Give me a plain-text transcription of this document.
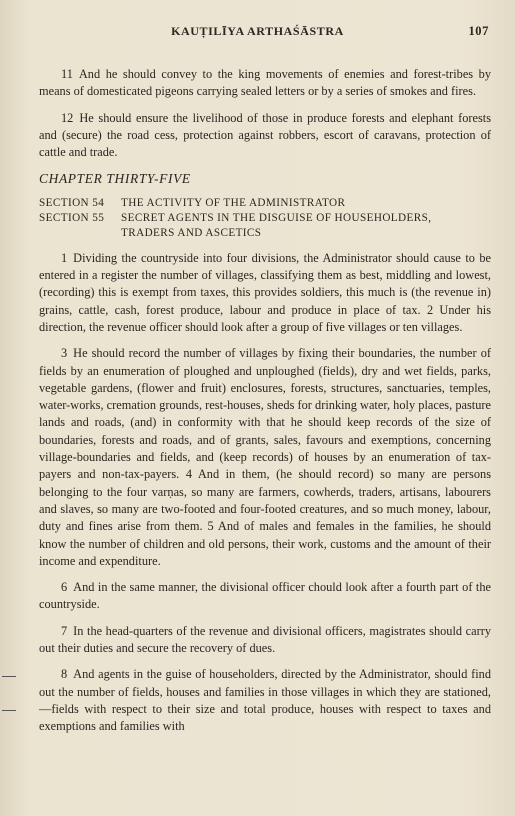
KAUṬILĪYA ARTHAŚĀSTRA	107

11 And he should convey to the king movements of enemies and forest-tribes by means of domesticated pigeons carrying sealed letters or by a series of smokes and fires.

12 He should ensure the livelihood of those in produce forests and elephant forests and (secure) the road cess, protection against robbers, escort of caravans, protection of cattle and trade.

CHAPTER THIRTY-FIVE
SECTION 54	THE ACTIVITY OF THE ADMINISTRATOR
SECTION 55	SECRET AGENTS IN THE DISGUISE OF HOUSEHOLDERS,
TRADERS AND ASCETICS

1 Dividing the countryside into four divisions, the Administrator should cause to be entered in a register the number of villages, classifying them as best, middling and lowest, (recording) this is exempt from taxes, this provides soldiers, this much is (the revenue in) grains, cattle, cash, forest produce, labour and produce in place of tax. 2 Under his direction, the revenue officer should look after a group of five villages or ten villages.

3 He should record the number of villages by fixing their boundaries, the number of fields by an enumeration of ploughed and unploughed (fields), dry and wet fields, parks, vegetable gardens, (flower and fruit) enclosures, forests, structures, sanctuaries, temples, water-works, cremation grounds, rest-houses, sheds for drinking water, holy places, pasture lands and roads, (and) in conformity with that he should keep records of the size of boundaries, forests and roads, and of grants, sales, favours and exemptions, concerning village-boundaries and fields, and (keep records) of houses by an enumeration of tax-payers and non-tax-payers. 4 And in them, (he should record) so many are persons belonging to the four varṇas, so many are farmers, cowherds, traders, artisans, labourers and slaves, so many are two-footed and four-footed creatures, and so much money, labour, duty and fines arise from them. 5 And of males and females in the families, he should know the number of children and old persons, their work, customs and the amount of their income and expenditure.

6 And in the same manner, the divisional officer chould look after a fourth part of the countryside.

7 In the head-quarters of the revenue and divisional officers, magistrates should carry out their duties and secure the recovery of dues.

8 And agents in the guise of householders, directed by the Administrator, should find out the number of fields, houses and families in those villages in which they are stationed,—fields with respect to their size and total produce, houses with respect to taxes and exemptions and families with
